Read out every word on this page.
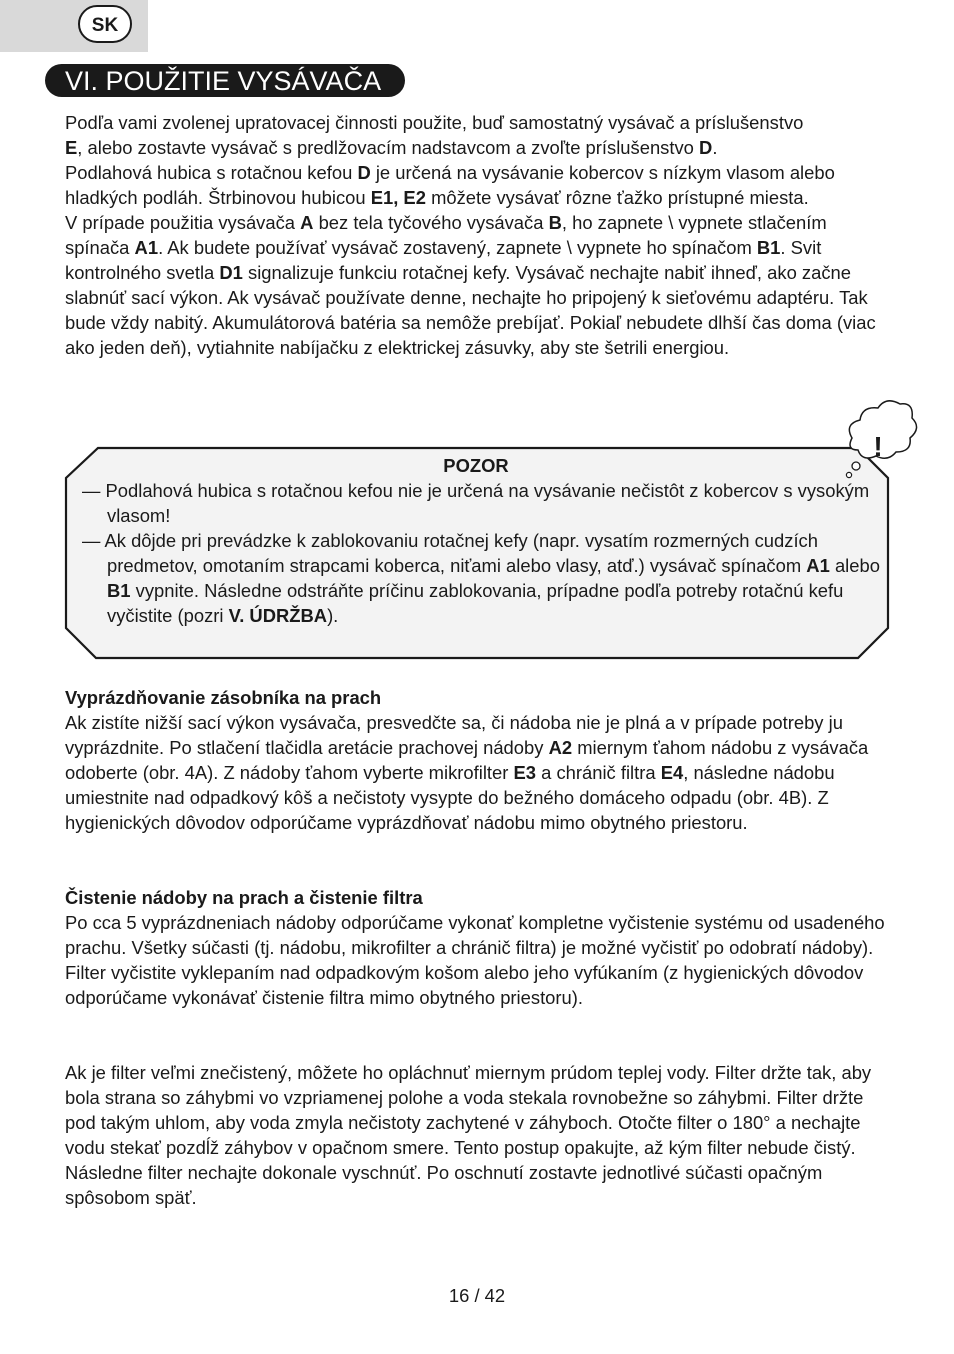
SK
VI. POUŽITIE VYSÁVAČA
Podľa vami zvolenej upratovacej činnosti použite, buď samostatný vysávač a príslušenstvo
E, alebo zostavte vysávač s predlžovacím nadstavcom a zvoľte príslušenstvo D.
Podlahová hubica s rotačnou kefou D je určená na vysávanie kobercov s nízkym vlasom alebo hladkých podláh. Štrbinovou hubicou E1, E2 môžete vysávať rôzne ťažko prístupné miesta.
V prípade použitia vysávača A bez tela tyčového vysávača B, ho zapnete \ vypnete stlačením spínača A1. Ak budete používať vysávač zostavený, zapnete \ vypnete ho spínačom B1. Svit kontrolného svetla D1 signalizuje funkciu rotačnej kefy. Vysávač nechajte nabiť ihneď, ako začne slabnúť sací výkon. Ak vysávač používate denne, nechajte ho pripojený k sieťovému adaptéru. Tak bude vždy nabitý. Akumulátorová batéria sa nemôže prebíjať. Pokiaľ nebudete dlhší čas doma (viac ako jeden deň), vytiahnite nabíjačku z elektrickej zásuvky, aby ste šetrili energiou.
!
POZOR
— Podlahová hubica s rotačnou kefou nie je určená na vysávanie nečistôt z kobercov s vysokým vlasom!
— Ak dôjde pri prevádzke k zablokovaniu rotačnej kefy (napr. vysatím rozmerných cudzích predmetov, omotaním strapcami koberca, niťami alebo vlasy, atď.) vysávač spínačom A1 alebo B1 vypnite. Následne odstráňte príčinu zablokovania, prípadne podľa potreby rotačnú kefu vyčistite (pozri V. ÚDRŽBA).
Vyprázdňovanie zásobníka na prach
Ak zistíte nižší sací výkon vysávača, presvedčte sa, či nádoba nie je plná a v prípade potreby ju vyprázdnite. Po stlačení tlačidla aretácie prachovej nádoby A2 miernym ťahom nádobu z vysávača odoberte (obr. 4A). Z nádoby ťahom vyberte mikrofilter E3 a chránič filtra E4, následne nádobu umiestnite nad odpadkový kôš a nečistoty vysypte do bežného domáceho odpadu (obr. 4B). Z hygienických dôvodov odporúčame vyprázdňovať nádobu mimo obytného priestoru.
Čistenie nádoby na prach a čistenie filtra
Po cca 5 vyprázdneniach nádoby odporúčame vykonať kompletne vyčistenie systému od usadeného prachu. Všetky súčasti (tj. nádobu, mikrofilter a chránič filtra) je možné vyčistiť po odobratí nádoby). Filter vyčistite vyklepaním nad odpadkovým košom alebo jeho vyfúkaním (z hygienických dôvodov odporúčame vykonávať čistenie filtra mimo obytného priestoru).
Ak je filter veľmi znečistený, môžete ho opláchnuť miernym prúdom teplej vody. Filter držte tak, aby bola strana so záhybmi vo vzpriamenej polohe a voda stekala rovnobežne so záhybmi. Filter držte pod takým uhlom, aby voda zmyla nečistoty zachytené v záhyboch. Otočte filter o 180° a nechajte vodu stekať pozdĺž záhybov v opačnom smere. Tento postup opakujte, až kým filter nebude čistý. Následne filter nechajte dokonale vyschnúť. Po oschnutí zostavte jednotlivé súčasti opačným spôsobom späť.
16 / 42
